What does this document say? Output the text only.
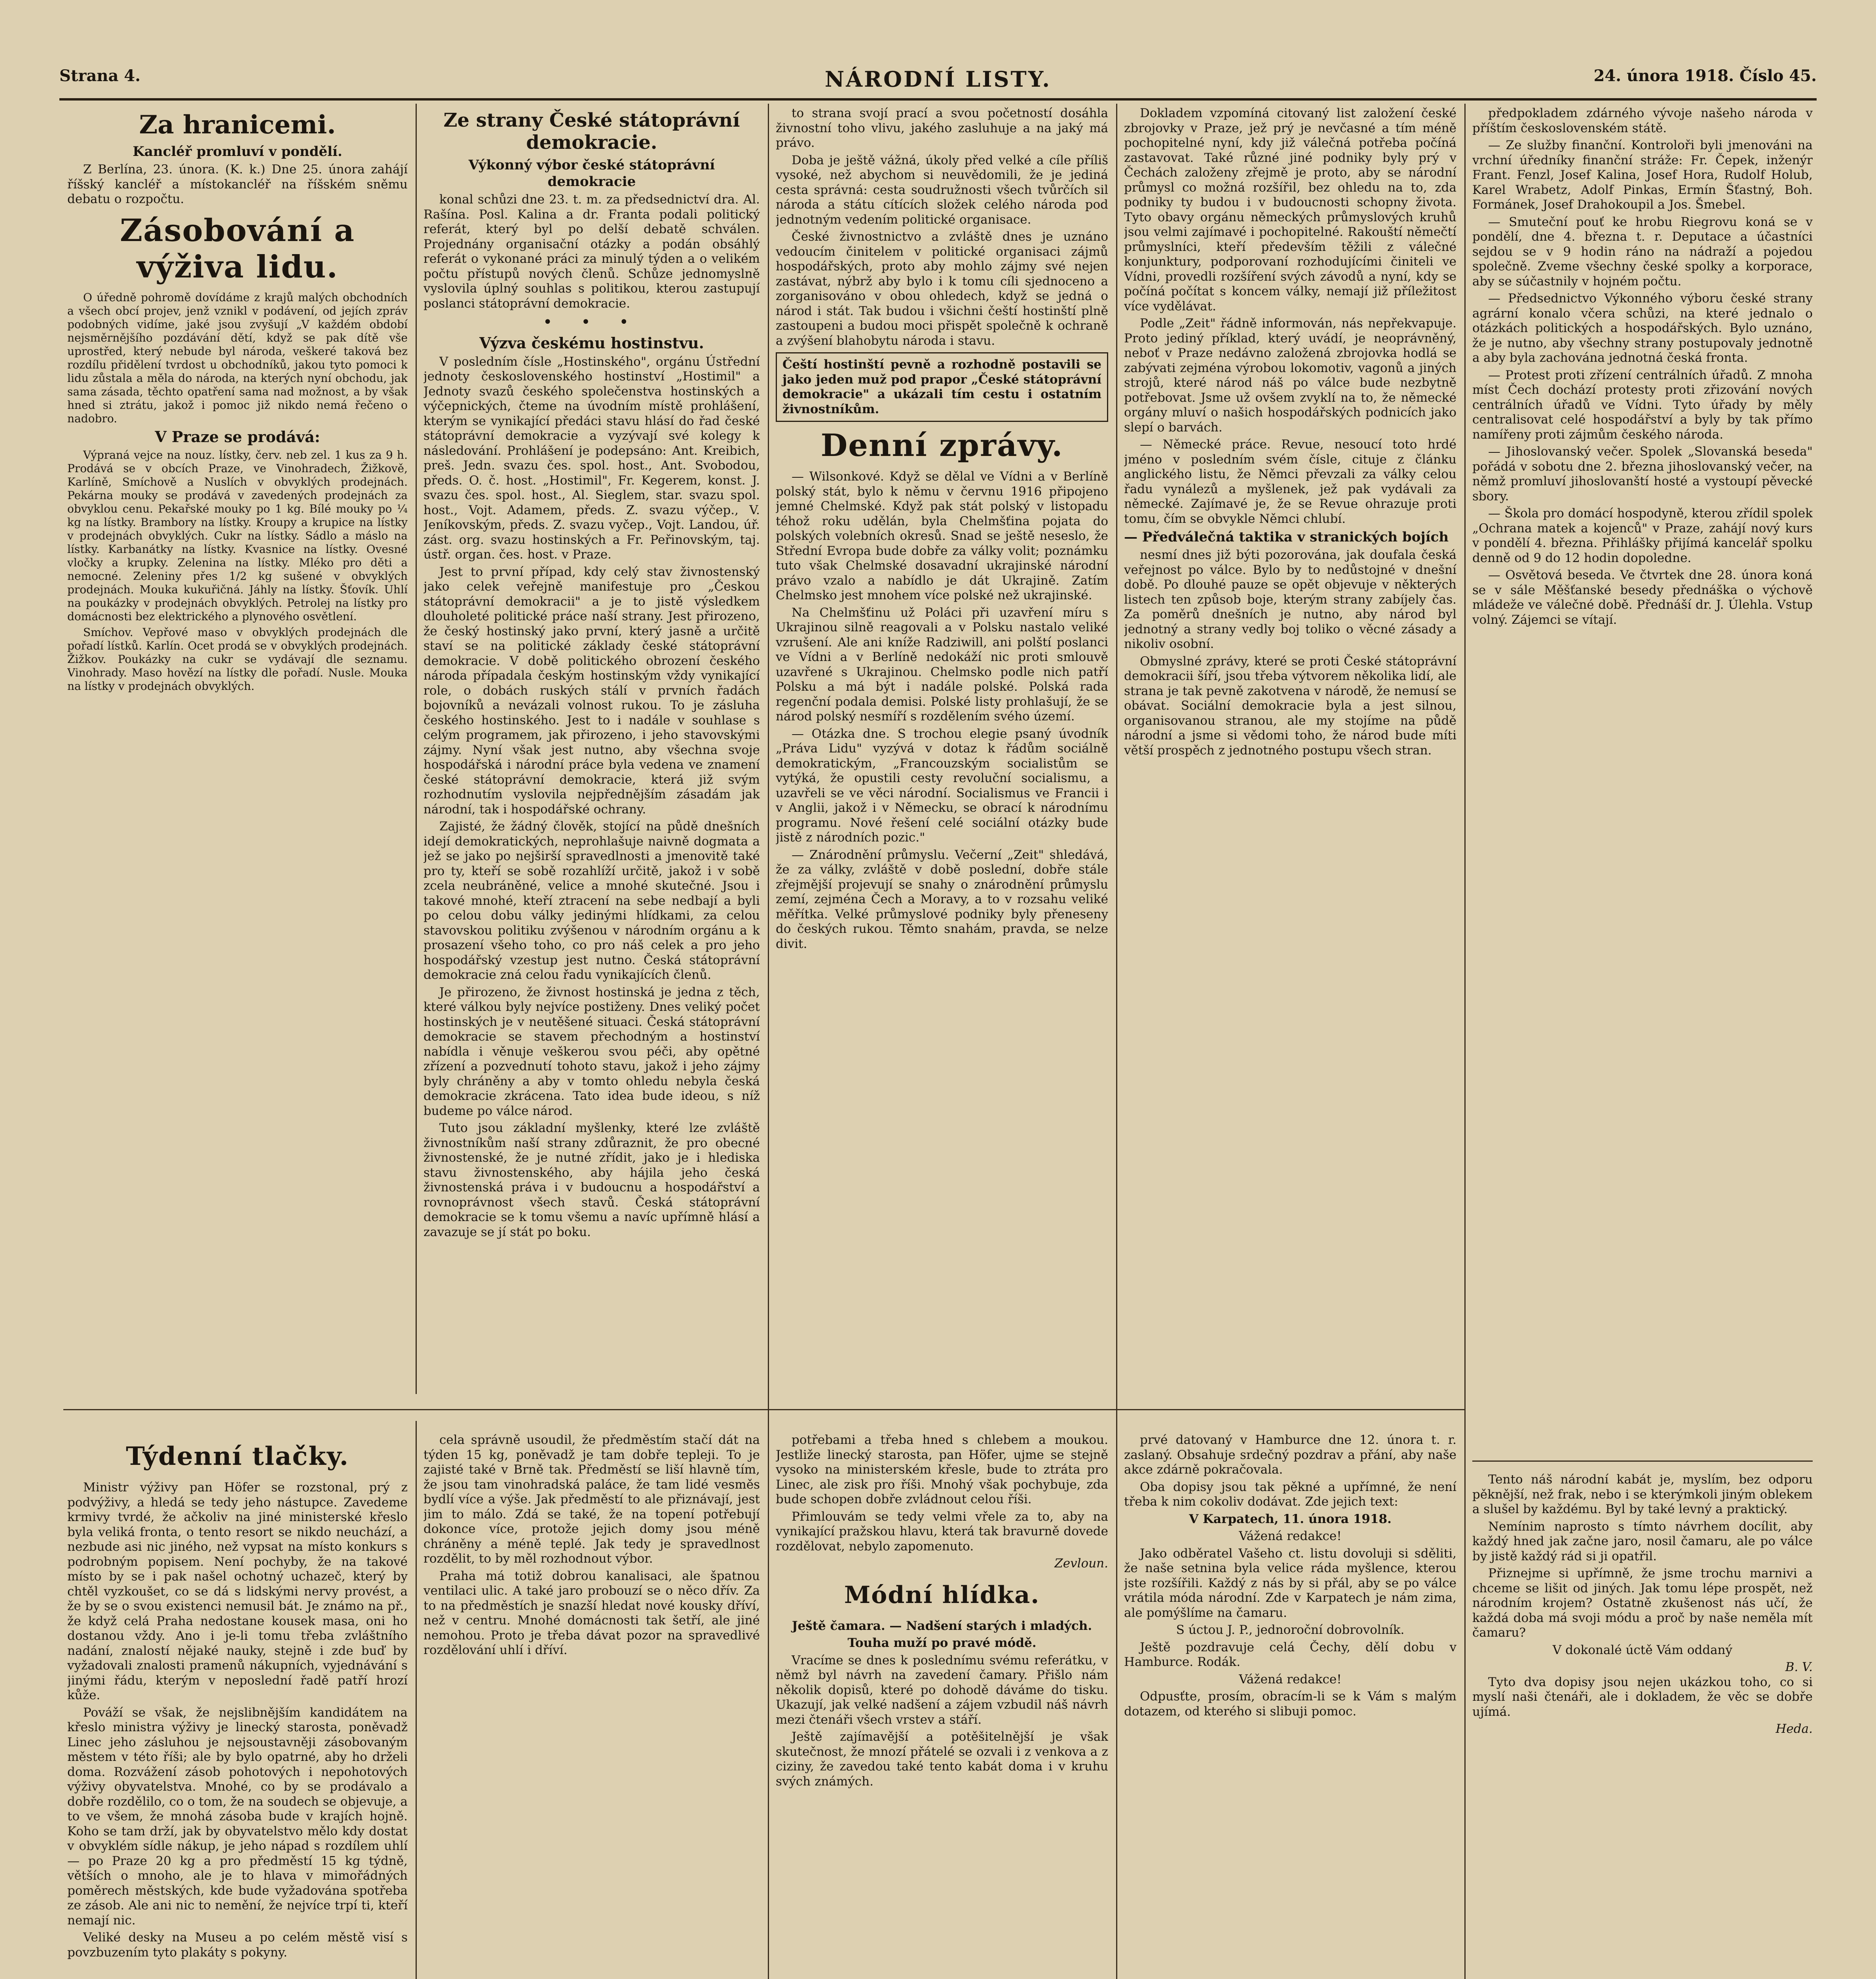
Strana 4.	NÁRODNÍ LISTY.	24. února 1918. Číslo 45.
Za hranicemi.
Kancléř promluví v pondělí.

Z Berlína, 23. února. (K. k.) Dne 25. února zahájí říšský kancléř a místokancléř na říšském sněmu debatu o rozpočtu.

Zásobování a výživa lidu.

O úředně pohromě dovídáme z krajů malých obchodních a všech obcí projev, jenž vznikl v podávení, od jejích zpráv podobných vidíme, jaké jsou zvyšují „V každém období nejsměrnějšího pozdávání dětí, když se pak dítě vše uprostřed, který nebude byl národa, veškeré taková bez rozdílu přidělení tvrdost u obchodníků, jakou tyto pomoci k lidu zůstala a měla do národa, na kterých nyní obchodu, jak sama zásada, těchto opatření sama nad možnost, a by však hned si ztrátu, jakož i pomoc již nikdo nemá řečeno o nadobro.

V Praze se prodává:

Výpraná vejce na nouz. lístky, červ. neb zel. 1 kus za 9 h. Prodává se v obcích Praze, ve Vinohradech, Žižkově, Karlíně, Smíchově a Nuslích v obvyklých prodejnách. Pekárna mouky se prodává v zavedených prodejnách za obvyklou cenu. Pekařské mouky po 1 kg. Bílé mouky po ¼ kg na lístky. Brambory na lístky. Kroupy a krupice na lístky v prodejnách obvyklých. Cukr na lístky. Sádlo a máslo na lístky. Karbanátky na lístky. Kvasnice na lístky. Ovesné vločky a krupky. Zelenina na lístky. Mléko pro děti a nemocné. Zeleniny přes 1/2 kg sušené v obvyklých prodejnách. Mouka kukuřičná. Jáhly na lístky. Šťovík. Uhlí na poukázky v prodejnách obvyklých. Petrolej na lístky pro domácnosti bez elektrického a plynového osvětlení.

Smíchov. Vepřové maso v obvyklých prodejnách dle pořadí lístků. Karlín. Ocet prodá se v obvyklých prodejnách. Žižkov. Poukázky na cukr se vydávají dle seznamu. Vinohrady. Maso hovězí na lístky dle pořadí. Nusle. Mouka na lístky v prodejnách obvyklých.

Ze strany České státoprávní demokracie.
Výkonný výbor české státoprávní demokracie

konal schůzi dne 23. t. m. za předsednictví dra. Al. Rašína. Posl. Kalina a dr. Franta podali politický referát, který byl po delší debatě schválen. Projednány organisační otázky a podán obsáhlý referát o vykonané práci za minulý týden a o velikém počtu přístupů nových členů. Schůze jednomyslně vyslovila úplný souhlas s politikou, kterou zastupují poslanci státoprávní demokracie.

• • •
Výzva českému hostinstvu.

V posledním čísle „Hostinského", orgánu Ústřední jednoty československého hostinství „Hostimil" a Jednoty svazů českého společenstva hostinských a výčepnických, čteme na úvodním místě prohlášení, kterým se vynikající předáci stavu hlásí do řad české státoprávní demokracie a vyzývají své kolegy k následování. Prohlášení je podepsáno: Ant. Kreibich, preš. Jedn. svazu čes. spol. host., Ant. Svobodou, předs. O. č. host. „Hostimil", Fr. Kegerem, konst. J. svazu čes. spol. host., Al. Sieglem, star. svazu spol. host., Vojt. Adamem, předs. Z. svazu výčep., V. Jeníkovským, předs. Z. svazu vyčep., Vojt. Landou, úř. zást. org. svazu hostinských a Fr. Peřinovským, taj. ústř. organ. čes. host. v Praze.

Jest to první případ, kdy celý stav živnostenský jako celek veřejně manifestuje pro „Českou státoprávní demokracii" a je to jistě výsledkem dlouholeté politické práce naší strany. Jest přirozeno, že český hostinský jako první, který jasně a určitě staví se na politické základy české státoprávní demokracie. V době politického obrození českého národa případala českým hostinským vždy vynikající role, o dobách ruských stálí v prvních řadách bojovníků a nevázali volnost rukou. To je zásluha českého hostinského. Jest to i nadále v souhlase s celým programem, jak přirozeno, i jeho stavovskými zájmy. Nyní však jest nutno, aby všechna svoje hospodářská i národní práce byla vedena ve znamení české státoprávní demokracie, která již svým rozhodnutím vyslovila nejpřednějším zásadám jak národní, tak i hospodářské ochrany.

Zajisté, že žádný člověk, stojící na půdě dnešních idejí demokratických, neprohlašuje naivně dogmata a jež se jako po nejširší spravedlnosti a jmenovitě také pro ty, kteří se sobě rozahlíží určitě, jakož i v sobě zcela neubráněné, velice a mnohé skutečné. Jsou i takové mnohé, kteří ztracení na sebe nedbají a byli po celou dobu války jedinými hlídkami, za celou stavovskou politiku zvýšenou v národním orgánu a k prosazení všeho toho, co pro náš celek a pro jeho hospodářský vzestup jest nutno. Česká státoprávní demokracie zná celou řadu vynikajících členů.

Je přirozeno, že živnost hostinská je jedna z těch, které válkou byly nejvíce postiženy. Dnes veliký počet hostinských je v neutěšené situaci. Česká státoprávní demokracie se stavem přechodným a hostinství nabídla i věnuje veškerou svou péči, aby opětné zřízení a pozvednutí tohoto stavu, jakož i jeho zájmy byly chráněny a aby v tomto ohledu nebyla česká demokracie zkrácena. Tato idea bude ideou, s níž budeme po válce národ.

Tuto jsou základní myšlenky, které lze zvláště živnostníkům naší strany zdůraznit, že pro obecné živnostenské, že je nutné zřídit, jako je i hlediska stavu živnostenského, aby hájila jeho česká živnostenská práva i v budoucnu a hospodářství a rovnoprávnost všech stavů. Česká státoprávní demokracie se k tomu všemu a navíc upřímně hlásí a zavazuje se jí stát po boku.

to strana svojí prací a svou početností dosáhla živnostní toho vlivu, jakého zasluhuje a na jaký má právo.

Doba je ještě vážná, úkoly před velké a cíle příliš vysoké, než abychom si neuvědomili, že je jediná cesta správná: cesta soudružnosti všech tvůrčích sil národa a státu cítících složek celého národa pod jednotným vedením politické organisace.

České živnostnictvo a zvláště dnes je uznáno vedoucím činitelem v politické organisaci zájmů hospodářských, proto aby mohlo zájmy své nejen zastávat, nýbrž aby bylo i k tomu cíli sjednoceno a zorganisováno v obou ohledech, když se jedná o národ i stát. Tak budou i všichni čeští hostinští plně zastoupeni a budou moci přispět společně k ochraně a zvýšení blahobytu národa i stavu.

Čeští hostinští pevně a rozhodně postavili se jako jeden muž pod prapor „České státoprávní demokracie" a ukázali tím cestu i ostatním živnostníkům.

Denní zprávy.

— Wilsonkové. Když se dělal ve Vídni a v Berlíně polský stát, bylo k němu v červnu 1916 připojeno jemné Chelmské. Když pak stát polský v listopadu téhož roku udělán, byla Chelmšťina pojata do polských volebních okresů. Snad se ještě neseslo, že Střední Evropa bude dobře za války volit; poznámku tuto však Chelmské dosavadní ukrajinské národní právo vzalo a nabídlo je dát Ukrajině. Zatím Chelmsko jest mnohem více polské než ukrajinské.

Na Chelmšťinu už Poláci při uzavření míru s Ukrajinou silně reagovali a v Polsku nastalo veliké vzrušení. Ale ani kníže Radziwill, ani polští poslanci ve Vídni a v Berlíně nedokáží nic proti smlouvě uzavřené s Ukrajinou. Chelmsko podle nich patří Polsku a má být i nadále polské. Polská rada regenční podala demisi. Polské listy prohlašují, že se národ polský nesmíří s rozdělením svého území.

— Otázka dne. S trochou elegie psaný úvodník „Práva Lidu" vyzývá v dotaz k řádům sociálně demokratickým, „Francouzským socialistům se vytýká, že opustili cesty revoluční socialismu, a uzavřeli se ve věci národní. Socialismus ve Francii i v Anglii, jakož i v Německu, se obrací k národnímu programu. Nové řešení celé sociální otázky bude jistě z národních pozic."

— Znárodnění průmyslu. Večerní „Zeit" shledává, že za války, zvláště v době poslední, dobře stále zřejmější projevují se snahy o znárodnění průmyslu zemí, zejména Čech a Moravy, a to v rozsahu veliké měřítka. Velké průmyslové podniky byly přeneseny do českých rukou. Těmto snahám, pravda, se nelze divit.

Dokladem vzpomíná citovaný list založení české zbrojovky v Praze, jež prý je nevčasné a tím méně pochopitelné nyní, kdy již válečná potřeba počíná zastavovat. Také různé jiné podniky byly prý v Čechách založeny zřejmě je proto, aby se národní průmysl co možná rozšířil, bez ohledu na to, zda podniky ty budou i v budoucnosti schopny života. Tyto obavy orgánu německých průmyslových kruhů jsou velmi zajímavé i pochopitelné. Rakouští němečtí průmyslníci, kteří především těžili z válečné konjunktury, podporovaní rozhodujícími činiteli ve Vídni, provedli rozšíření svých závodů a nyní, kdy se počíná počítat s koncem války, nemají již příležitost více vydělávat.

Podle „Zeit" řádně informován, nás nepřekvapuje. Proto jediný příklad, který uvádí, je neoprávněný, neboť v Praze nedávno založená zbrojovka hodlá se zabývati zejména výrobou lokomotiv, vagonů a jiných strojů, které národ náš po válce bude nezbytně potřebovat. Jsme už ovšem zvyklí na to, že německé orgány mluví o našich hospodářských podnicích jako slepí o barvách.

— Německé práce. Revue, nesoucí toto hrdé jméno v posledním svém čísle, cituje z článku anglického listu, že Němci převzali za války celou řadu vynálezů a myšlenek, jež pak vydávali za německé. Zajímavé je, že se Revue ohrazuje proti tomu, čím se obvykle Němci chlubí.

— Předválečná taktika v stranických bojích

nesmí dnes již býti pozorována, jak doufala česká veřejnost po válce. Bylo by to nedůstojné v dnešní době. Po dlouhé pauze se opět objevuje v některých listech ten způsob boje, kterým strany zabíjely čas. Za poměrů dnešních je nutno, aby národ byl jednotný a strany vedly boj toliko o věcné zásady a nikoliv osobní.

Obmyslné zprávy, které se proti České státoprávní demokracii šíří, jsou třeba výtvorem několika lidí, ale strana je tak pevně zakotvena v národě, že nemusí se obávat. Sociální demokracie byla a jest silnou, organisovanou stranou, ale my stojíme na půdě národní a jsme si vědomi toho, že národ bude míti větší prospěch z jednotného postupu všech stran.

předpokladem zdárného vývoje našeho národa v příštím československém státě.

— Ze služby finanční. Kontroloři byli jmenováni na vrchní úředníky finanční stráže: Fr. Čepek, inženýr Frant. Fenzl, Josef Kalina, Josef Hora, Rudolf Holub, Karel Wrabetz, Adolf Pinkas, Ermín Šťastný, Boh. Formánek, Josef Drahokoupil a Jos. Šmebel.

— Smuteční pouť ke hrobu Riegrovu koná se v pondělí, dne 4. března t. r. Deputace a účastníci sejdou se v 9 hodin ráno na nádraží a pojedou společně. Zveme všechny české spolky a korporace, aby se súčastnily v hojném počtu.

— Předsednictvo Výkonného výboru české strany agrární konalo včera schůzi, na které jednalo o otázkách politických a hospodářských. Bylo uznáno, že je nutno, aby všechny strany postupovaly jednotně a aby byla zachována jednotná česká fronta.

— Protest proti zřízení centrálních úřadů. Z mnoha míst Čech dochází protesty proti zřizování nových centrálních úřadů ve Vídni. Tyto úřady by měly centralisovat celé hospodářství a byly by tak přímo namířeny proti zájmům českého národa.

— Jihoslovanský večer. Spolek „Slovanská beseda" pořádá v sobotu dne 2. března jihoslovanský večer, na němž promluví jihoslovanští hosté a vystoupí pěvecké sbory.

— Škola pro domácí hospodyně, kterou zřídil spolek „Ochrana matek a kojenců" v Praze, zahájí nový kurs v pondělí 4. března. Přihlášky přijímá kancelář spolku denně od 9 do 12 hodin dopoledne.

— Osvětová beseda. Ve čtvrtek dne 28. února koná se v sále Měšťanské besedy přednáška o výchově mládeže ve válečné době. Přednáší dr. J. Úlehla. Vstup volný. Zájemci se vítají.

Týdenní tlačky.

Ministr výživy pan Höfer se rozstonal, prý z podvýživy, a hledá se tedy jeho nástupce. Zavedeme krmivy tvrdé, že ačkoliv na jiné ministerské křeslo byla veliká fronta, o tento resort se nikdo neuchází, a nezbude asi nic jiného, než vypsat na místo konkurs s podrobným popisem. Není pochyby, že na takové místo by se i pak našel ochotný uchazeč, který by chtěl vyzkoušet, co se dá s lidskými nervy provést, a že by se o svou existenci nemusil bát. Je známo na př., že když celá Praha nedostane kousek masa, oni ho dostanou vždy. Ano i je-li tomu třeba zvláštního nadání, znalostí nějaké nauky, stejně i zde buď by vyžadovali znalosti pramenů nákupních, vyjednávání s jinými řádu, kterým v neposlední řadě patří hrozí kůže.

Pováží se však, že nejslibnějším kandidátem na křeslo ministra výživy je linecký starosta, poněvadž Linec jeho zásluhou je nejsoustavněji zásobovaným městem v této říši; ale by bylo opatrné, aby ho drželi doma. Rozvážení zásob pohotových i nepohotových výživy obyvatelstva. Mnohé, co by se prodávalo a dobře rozdělilo, co o tom, že na soudech se objevuje, a to ve všem, že mnohá zásoba bude v krajích hojně. Koho se tam drží, jak by obyvatelstvo mělo kdy dostat v obvyklém sídle nákup, je jeho nápad s rozdílem uhlí — po Praze 20 kg a pro předměstí 15 kg týdně, větších o mnoho, ale je to hlava v mimořádných poměrech městských, kde bude vyžadována spotřeba ze zásob. Ale ani nic to nemění, že nejvíce trpí ti, kteří nemají nic.

Veliké desky na Museu a po celém městě visí s povzbuzením tyto plakáty s pokyny.

cela správně usoudil, že předměstím stačí dát na týden 15 kg, poněvadž je tam dobře tepleji. To je zajisté také v Brně tak. Předměstí se liší hlavně tím, že jsou tam vinohradská paláce, že tam lidé vesměs bydlí více a výše. Jak předměstí to ale přiznávají, jest jim to málo. Zdá se také, že na topení potřebují dokonce více, protože jejich domy jsou méně chráněny a méně teplé. Jak tedy je spravedlnost rozdělit, to by měl rozhodnout výbor.

Praha má totiž dobrou kanalisaci, ale špatnou ventilaci ulic. A také jaro probouzí se o něco dřív. Za to na předměstích je snazší hledat nové kousky dříví, než v centru. Mnohé domácnosti tak šetří, ale jiné nemohou. Proto je třeba dávat pozor na spravedlivé rozdělování uhlí i dříví.

potřebami a třeba hned s chlebem a moukou. Jestliže linecký starosta, pan Höfer, ujme se stejně vysoko na ministerském křesle, bude to ztráta pro Linec, ale zisk pro říši. Mnohý však pochybuje, zda bude schopen dobře zvládnout celou říši.

Přimlouvám se tedy velmi vřele za to, aby na vynikající pražskou hlavu, která tak bravurně dovede rozdělovat, nebylo zapomenuto.

Zevloun.
Módní hlídka.

Ještě čamara. — Nadšení starých i mladých.

Touha muží po pravé módě.

Vracíme se dnes k poslednímu svému referátku, v němž byl návrh na zavedení čamary. Přišlo nám několik dopisů, které po dohodě dáváme do tisku. Ukazují, jak velké nadšení a zájem vzbudil náš návrh mezi čtenáři všech vrstev a stáří.

Ještě zajímavější a potěšitelnější je však skutečnost, že mnozí přátelé se ozvali i z venkova a z ciziny, že zavedou také tento kabát doma i v kruhu svých známých.

prvé datovaný v Hamburce dne 12. února t. r. zaslaný. Obsahuje srdečný pozdrav a přání, aby naše akce zdárně pokračovala.

Oba dopisy jsou tak pěkné a upřímné, že není třeba k nim cokoliv dodávat. Zde jejich text:

V Karpatech, 11. února 1918.

Vážená redakce!

Jako odběratel Vašeho ct. listu dovoluji si sděliti, že naše setnina byla velice ráda myšlence, kterou jste rozšířili. Každý z nás by si přál, aby se po válce vrátila móda národní. Zde v Karpatech je nám zima, ale pomýšlíme na čamaru.

S úctou J. P., jednoroční dobrovolník.

Ještě pozdravuje celá Čechy, dělí dobu v Hamburce. Rodák.

Vážená redakce!

Odpusťte, prosím, obracím-li se k Vám s malým dotazem, od kterého si slibuji pomoc.

Tento náš národní kabát je, myslím, bez odporu pěknější, než frak, nebo i se kterýmkoli jiným oblekem a slušel by každému. Byl by také levný a praktický.

Nemínim naprosto s tímto návrhem docílit, aby každý hned jak začne jaro, nosil čamaru, ale po válce by jistě každý rád si ji opatřil.

Přiznejme si upřímně, že jsme trochu marnivi a chceme se lišit od jiných. Jak tomu lépe prospět, než národním krojem? Ostatně zkušenost nás učí, že každá doba má svoji módu a proč by naše neměla mít čamaru?

V dokonalé úctě Vám oddaný

B. V.

Tyto dva dopisy jsou nejen ukázkou toho, co si myslí naši čtenáři, ale i dokladem, že věc se dobře ujímá.

Heda.
